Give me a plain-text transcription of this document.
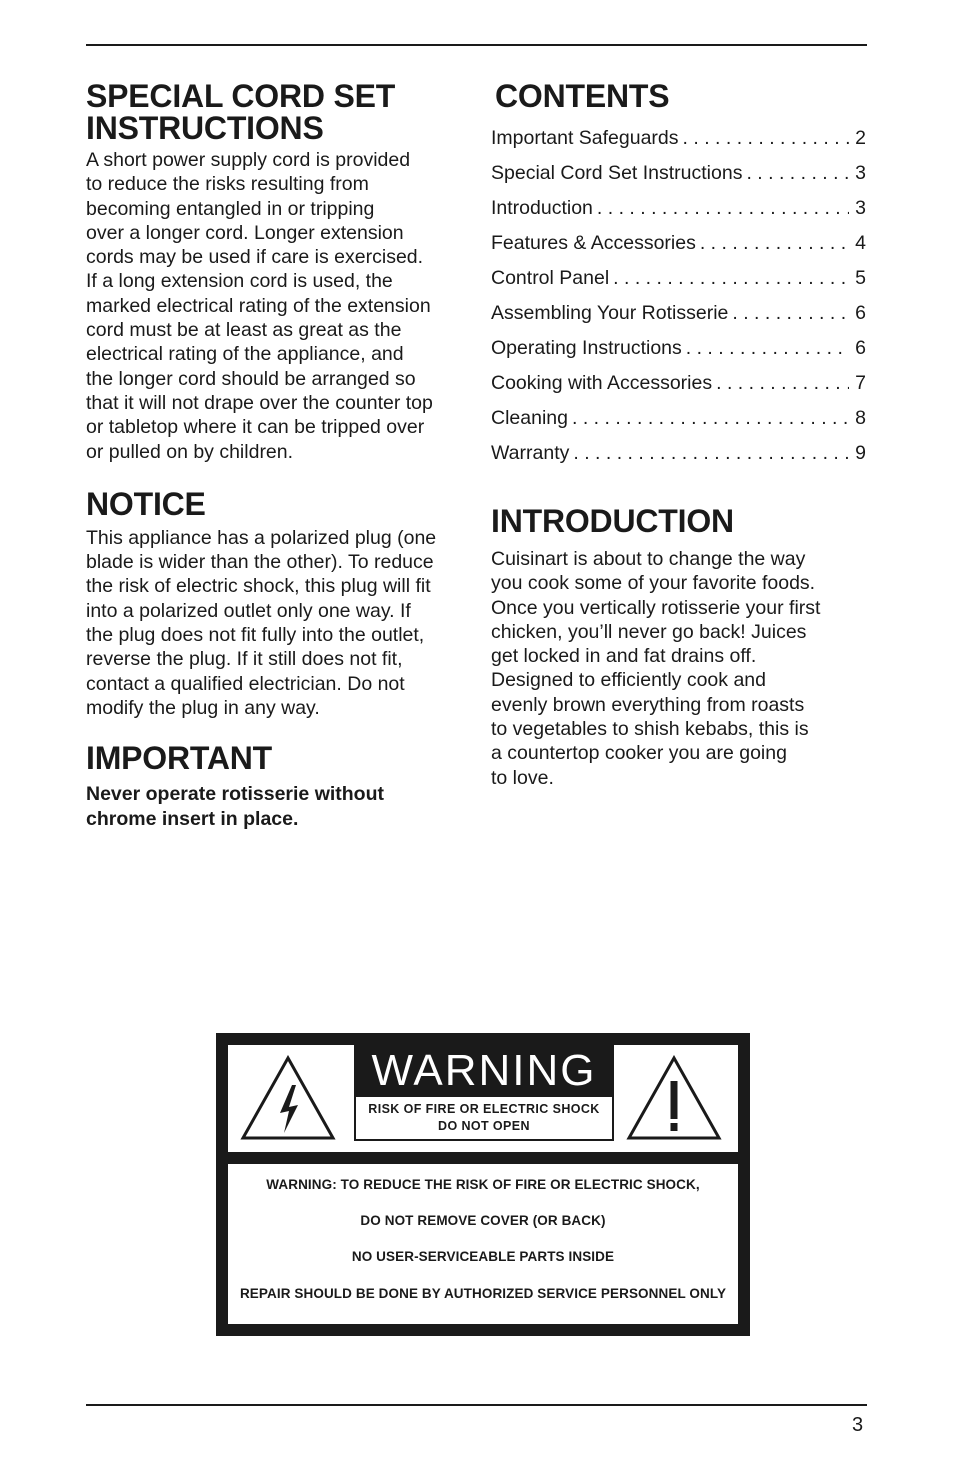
SPECIAL CORD SET
INSTRUCTIONS

A short power supply cord is provided
to reduce the risks resulting from
becoming entangled in or tripping
over a longer cord. Longer extension
cords may be used if care is exercised.
If a long extension cord is used, the
marked electrical rating of the extension
cord must be at least as great as the
electrical rating of the appliance, and
the longer cord should be arranged so
that it will not drape over the counter top
or tabletop where it can be tripped over
or pulled on by children.

NOTICE

This appliance has a polarized plug (one
blade is wider than the other). To reduce
the risk of electric shock, this plug will fit
into a polarized outlet only one way. If
the plug does not fit fully into the outlet,
reverse the plug. If it still does not fit,
contact a qualified electrician. Do not
modify the plug in any way.

IMPORTANT

Never operate rotisserie without
chrome insert in place.

CONTENTS
Important Safeguards . . .	2
Special Cord Set Instructions . . .	3
Introduction . . .	3
Features & Accessories . . .	4
Control Panel . . .	5
Assembling Your Rotisserie . . .	6
Operating Instructions . . .	6
Cooking with Accessories . . .	7
Cleaning . . .	8
Warranty . . .	9
INTRODUCTION

Cuisinart is about to change the way
you cook some of your favorite foods.
Once you vertically rotisserie your first
chicken, you’ll never go back! Juices
get locked in and fat drains off.
Designed to efficiently cook and
evenly brown everything from roasts
to vegetables to shish kebabs, this is
a countertop cooker you are going
to love.

WARNING

RISK OF FIRE OR ELECTRIC SHOCK

DO NOT OPEN

WARNING: TO REDUCE THE RISK OF FIRE OR ELECTRIC SHOCK,

DO NOT REMOVE COVER (OR BACK)

NO USER-SERVICEABLE PARTS INSIDE

REPAIR SHOULD BE DONE BY AUTHORIZED SERVICE PERSONNEL ONLY

3
